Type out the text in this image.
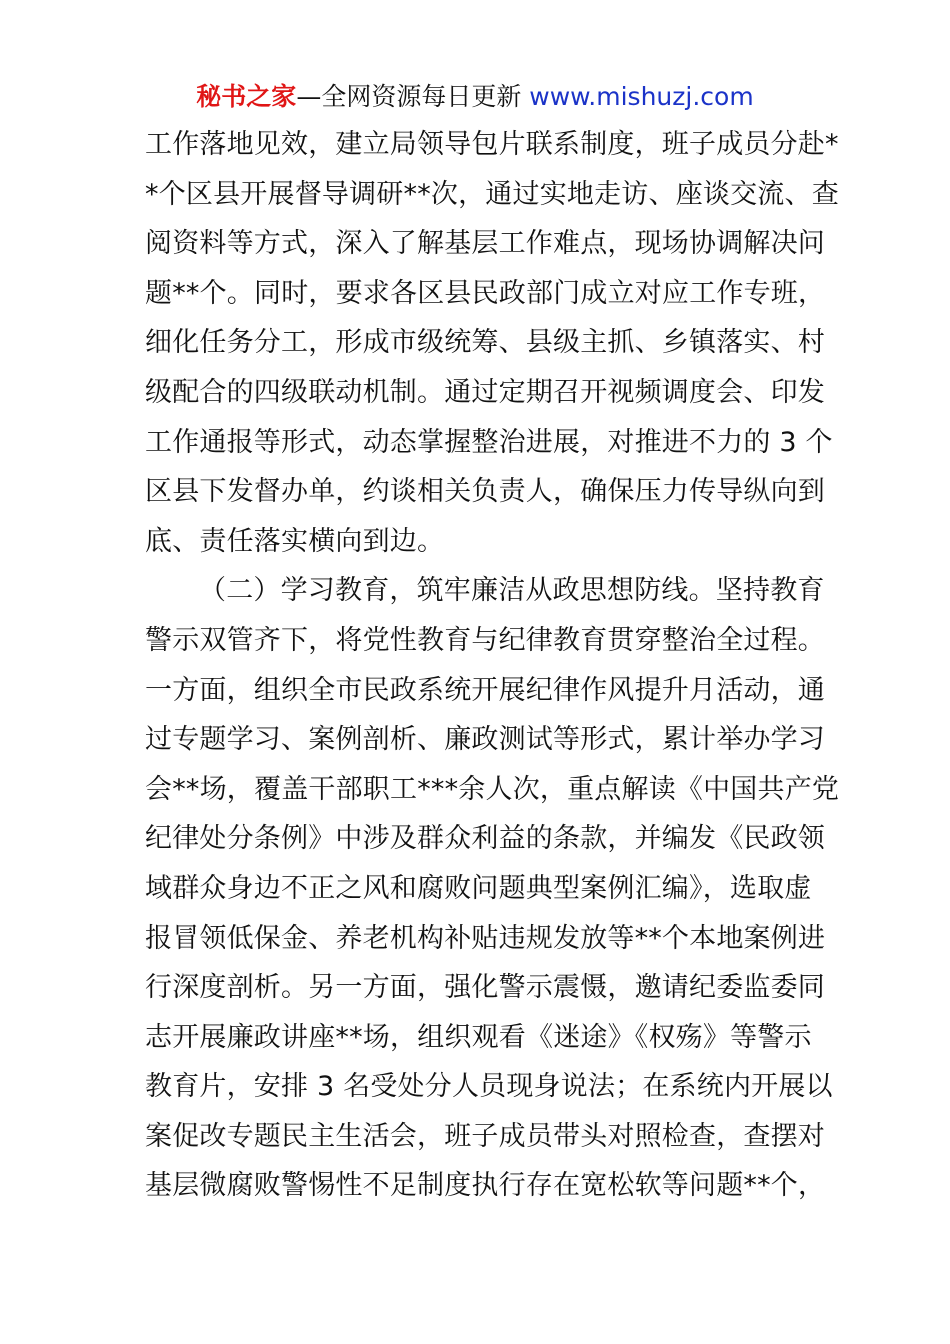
秘书之家—全网资源每日更新 www.mishuzj.com
工作落地见效，建立局领导包片联系制度，班子成员分赴*
*个区县开展督导调研**次，通过实地走访、座谈交流、查
阅资料等方式，深入了解基层工作难点，现场协调解决问
题**个。同时，要求各区县民政部门成立对应工作专班，
细化任务分工，形成市级统筹、县级主抓、乡镇落实、村
级配合的四级联动机制。通过定期召开视频调度会、印发
工作通报等形式，动态掌握整治进展，对推进不力的 3 个
区县下发督办单，约谈相关负责人，确保压力传导纵向到
底、责任落实横向到边。
（二）学习教育，筑牢廉洁从政思想防线。坚持教育
警示双管齐下，将党性教育与纪律教育贯穿整治全过程。
一方面，组织全市民政系统开展纪律作风提升月活动，通
过专题学习、案例剖析、廉政测试等形式，累计举办学习
会**场，覆盖干部职工***余人次，重点解读《中国共产党
纪律处分条例》中涉及群众利益的条款，并编发《民政领
域群众身边不正之风和腐败问题典型案例汇编》，选取虚
报冒领低保金、养老机构补贴违规发放等**个本地案例进
行深度剖析。另一方面，强化警示震慑，邀请纪委监委同
志开展廉政讲座**场，组织观看《迷途》《权殇》等警示
教育片，安排 3 名受处分人员现身说法；在系统内开展以
案促改专题民主生活会，班子成员带头对照检查，查摆对
基层微腐败警惕性不足制度执行存在宽松软等问题**个，
